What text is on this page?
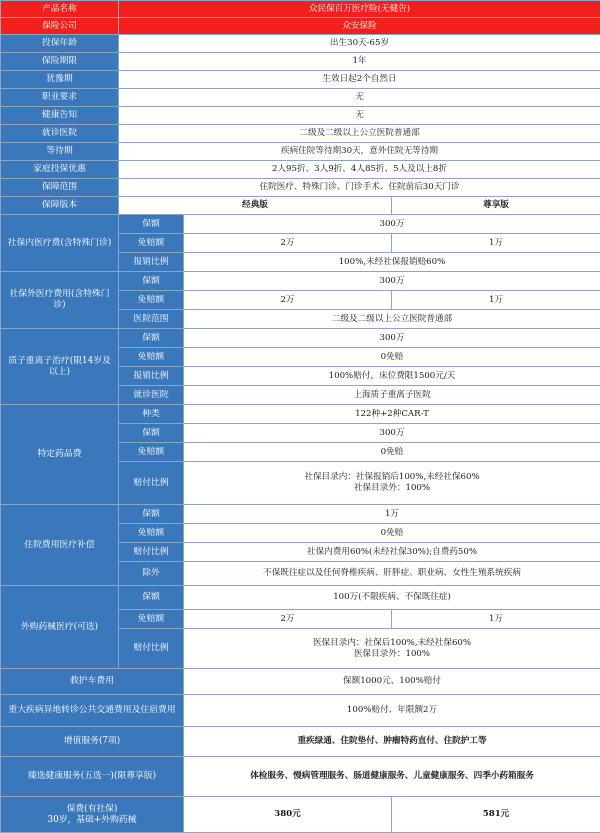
产品名称	众民保百万医疗险(无健告)		
保险公司	众安保险		
投保年龄	出生30天-65岁		
保险期限	1年		
犹豫期	生效日起2个自然日		
职业要求	无		
健康告知	无		
就诊医院	二级及二级以上公立医院普通部		
等待期	疾病住院等待期30天，意外住院无等待期		
家庭投保优惠	2人95折、3人9折、4人85折、5人及以上8折		
保障范围	住院医疗、特殊门诊、门诊手术、住院前后30天门诊		
保障版本	经典版		尊享版
社保内医疗费(含特殊门诊)	保额	300万	
	免赔额	2万	1万
	报销比例	100%,未经社保报销赔60%	
社保外医疗费用(含特殊门诊)	保额	300万	
	免赔额	2万	1万
	医院范围	二级及二级以上公立医院普通部	
质子重离子治疗(限14岁及以上)	保额	300万	
	免赔额	0免赔	
	报销比例	100%赔付，床位费限1500元/天	
	就诊医院	上海质子重离子医院	
特定药品费	种类	122种+2种CAR-T	
	保额	300万	
	免赔额	0免赔	
	赔付比例	社保目录内：社保报销后100%,未经社保60%
社保目录外：100%	

住院费用医疗补偿	保额	1万	
	免赔额	0免赔	
	赔付比例	社保内费用60%(未经社保30%);自费药50%	
	除外	不保既往症以及任何脊椎疾病、肝胖症、职业病、女性生殖系统疾病	
外购药械医疗(可选)	保额	100万(不限疾病、不保既往症)	
	免赔额	2万	1万
	赔付比例	医保目录内：社保后100%,未经社保60%
医保目录外：100%	

救护车费用		保额1000元、100%赔付	
重大疾病异地转诊公共交通费用及住宿费用		100%赔付、年限额2万	
增值服务(7项)		重疾绿通、住院垫付、肿瘤特药直付、住院护工等	
臻选健康服务(五选一)(限尊享版)		体检服务、慢病管理服务、肠道健康服务、儿童健康服务、四季小药箱服务	

保费(有社保)
30岁，基础+外购药械		380元	581元
